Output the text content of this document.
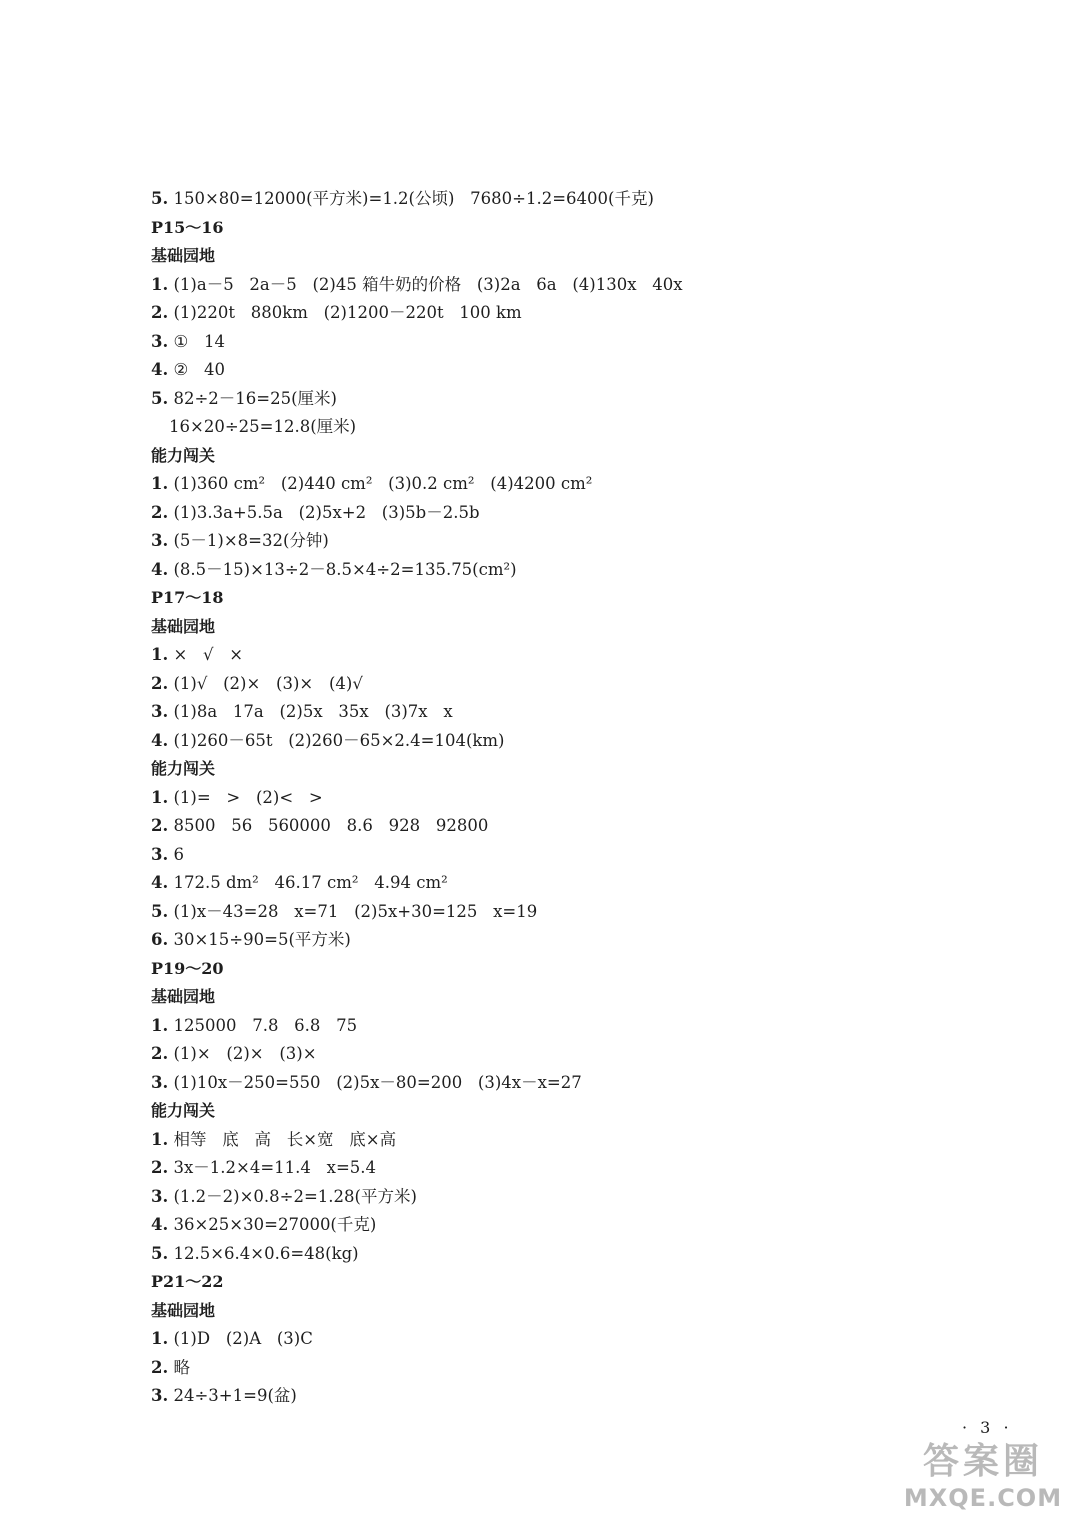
5. 150×80=12000(平方米)=1.2(公顷)   7680÷1.2=6400(千克)
P15～16
基础园地
1. (1)a－5   2a－5   (2)45 箱牛奶的价格   (3)2a   6a   (4)130x   40x
2. (1)220t   880km   (2)1200－220t   100 km
3. ①   14
4. ②   40
5. 82÷2－16=25(厘米)
16×20÷25=12.8(厘米)
能力闯关
1. (1)360 cm²   (2)440 cm²   (3)0.2 cm²   (4)4200 cm²
2. (1)3.3a+5.5a   (2)5x+2   (3)5b－2.5b
3. (5－1)×8=32(分钟)
4. (8.5－15)×13÷2－8.5×4÷2=135.75(cm²)
P17～18
基础园地
1. ×   √   ×
2. (1)√   (2)×   (3)×   (4)√
3. (1)8a   17a   (2)5x   35x   (3)7x   x
4. (1)260－65t   (2)260－65×2.4=104(km)
能力闯关
1. (1)=   >   (2)<   >
2. 8500   56   560000   8.6   928   92800
3. 6
4. 172.5 dm²   46.17 cm²   4.94 cm²
5. (1)x－43=28   x=71   (2)5x+30=125   x=19
6. 30×15÷90=5(平方米)
P19～20
基础园地
1. 125000   7.8   6.8   75
2. (1)×   (2)×   (3)×
3. (1)10x－250=550   (2)5x－80=200   (3)4x－x=27
能力闯关
1. 相等   底   高   长×宽   底×高
2. 3x－1.2×4=11.4   x=5.4
3. (1.2－2)×0.8÷2=1.28(平方米)
4. 36×25×30=27000(千克)
5. 12.5×6.4×0.6=48(kg)
P21～22
基础园地
1. (1)D   (2)A   (3)C
2. 略
3. 24÷3+1=9(盆)
· 3 ·
答案圈
MXQE.COM
